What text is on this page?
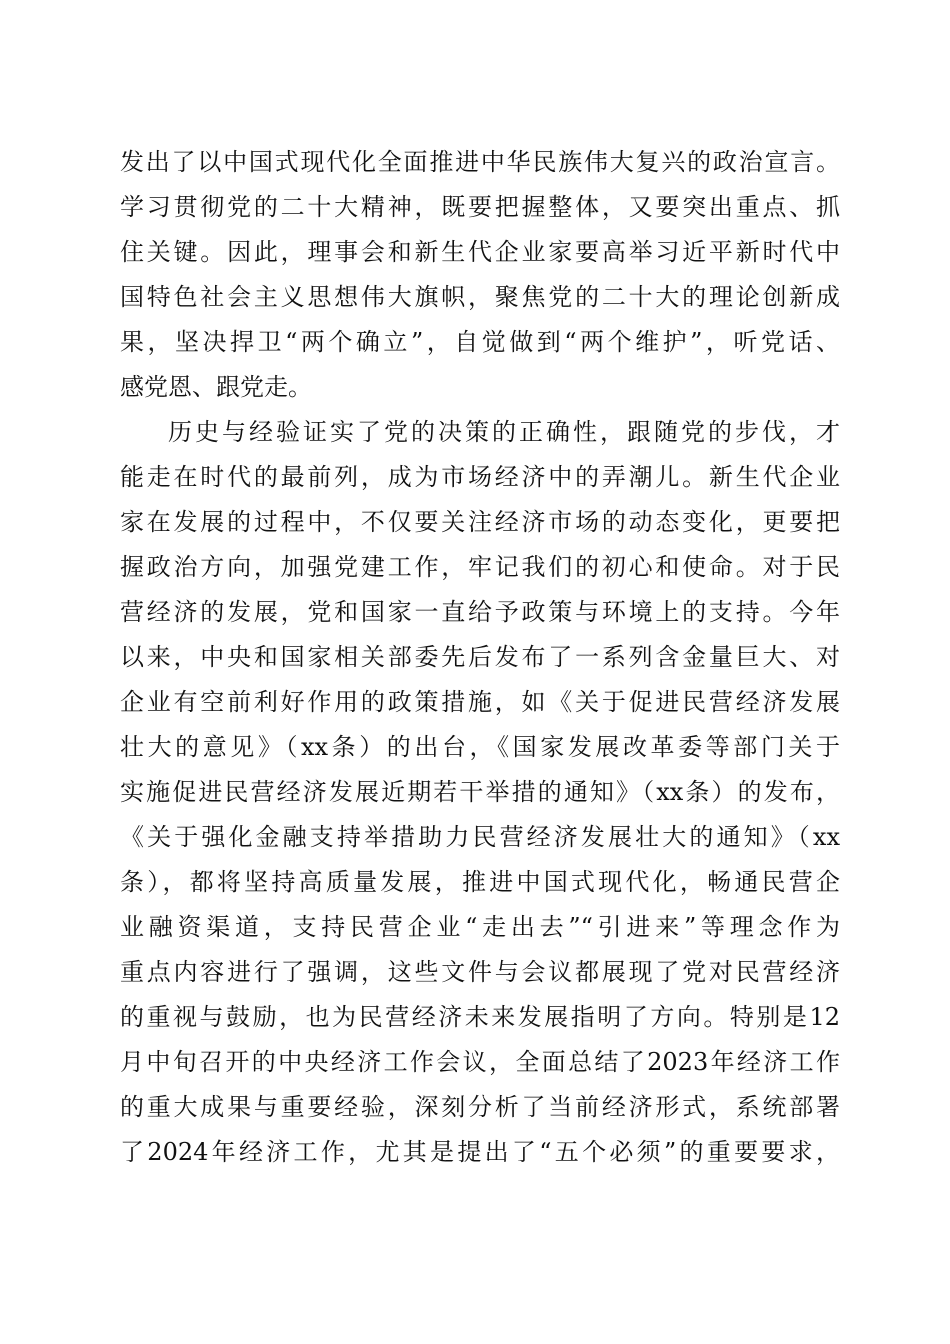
发出了以中国式现代化全面推进中华民族伟大复兴的政治宣言。
学习贯彻党的二十大精神，既要把握整体，又要突出重点、抓
住关键。因此，理事会和新生代企业家要高举习近平新时代中
国特色社会主义思想伟大旗帜，聚焦党的二十大的理论创新成
果，坚决捍卫“两个确立”，自觉做到“两个维护”，听党话、
感党恩、跟党走。
历史与经验证实了党的决策的正确性，跟随党的步伐，才
能走在时代的最前列，成为市场经济中的弄潮儿。新生代企业
家在发展的过程中，不仅要关注经济市场的动态变化，更要把
握政治方向，加强党建工作，牢记我们的初心和使命。对于民
营经济的发展，党和国家一直给予政策与环境上的支持。今年
以来，中央和国家相关部委先后发布了一系列含金量巨大、对
企业有空前利好作用的政策措施，如《关于促进民营经济发展
壮大的意见》（xx条）的出台，《国家发展改革委等部门关于
实施促进民营经济发展近期若干举措的通知》（xx条）的发布，
《关于强化金融支持举措助力民营经济发展壮大的通知》（xx
条），都将坚持高质量发展，推进中国式现代化，畅通民营企
业融资渠道，支持民营企业“走出去”“引进来”等理念作为
重点内容进行了强调，这些文件与会议都展现了党对民营经济
的重视与鼓励，也为民营经济未来发展指明了方向。特别是12
月中旬召开的中央经济工作会议，全面总结了2023年经济工作
的重大成果与重要经验，深刻分析了当前经济形式，系统部署
了2024年经济工作，尤其是提出了“五个必须”的重要要求，
